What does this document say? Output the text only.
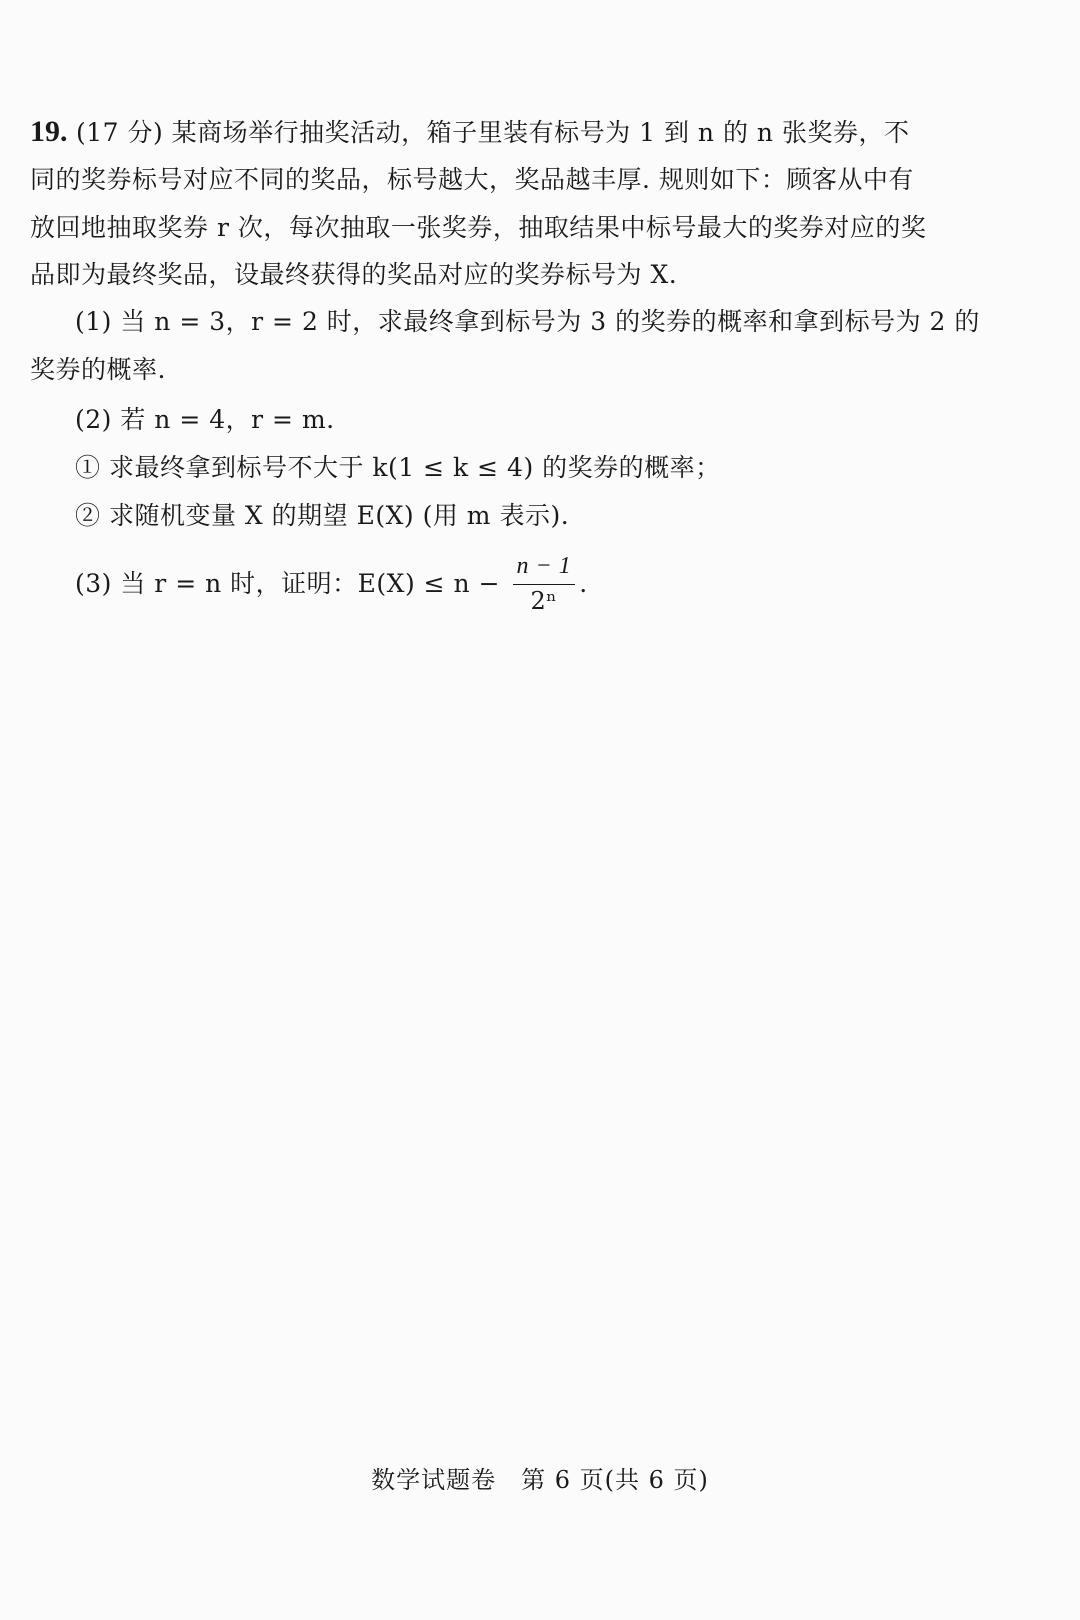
19. (17 分) 某商场举行抽奖活动，箱子里装有标号为 1 到 n 的 n 张奖券，不
同的奖券标号对应不同的奖品，标号越大，奖品越丰厚. 规则如下：顾客从中有
放回地抽取奖券 r 次，每次抽取一张奖券，抽取结果中标号最大的奖券对应的奖
品即为最终奖品，设最终获得的奖品对应的奖券标号为 X.
(1) 当 n = 3，r = 2 时，求最终拿到标号为 3 的奖券的概率和拿到标号为 2 的
奖券的概率.
(2) 若 n = 4，r = m.
① 求最终拿到标号不大于 k(1 ≤ k ≤ 4) 的奖券的概率；
② 求随机变量 X 的期望 E(X) (用 m 表示).
(3) 当 r = n 时，证明：$E(X) \le n - \frac{n - 1}{\text{2ⁿ}}$ .
数学试题卷　第 6 页(共 6 页)
